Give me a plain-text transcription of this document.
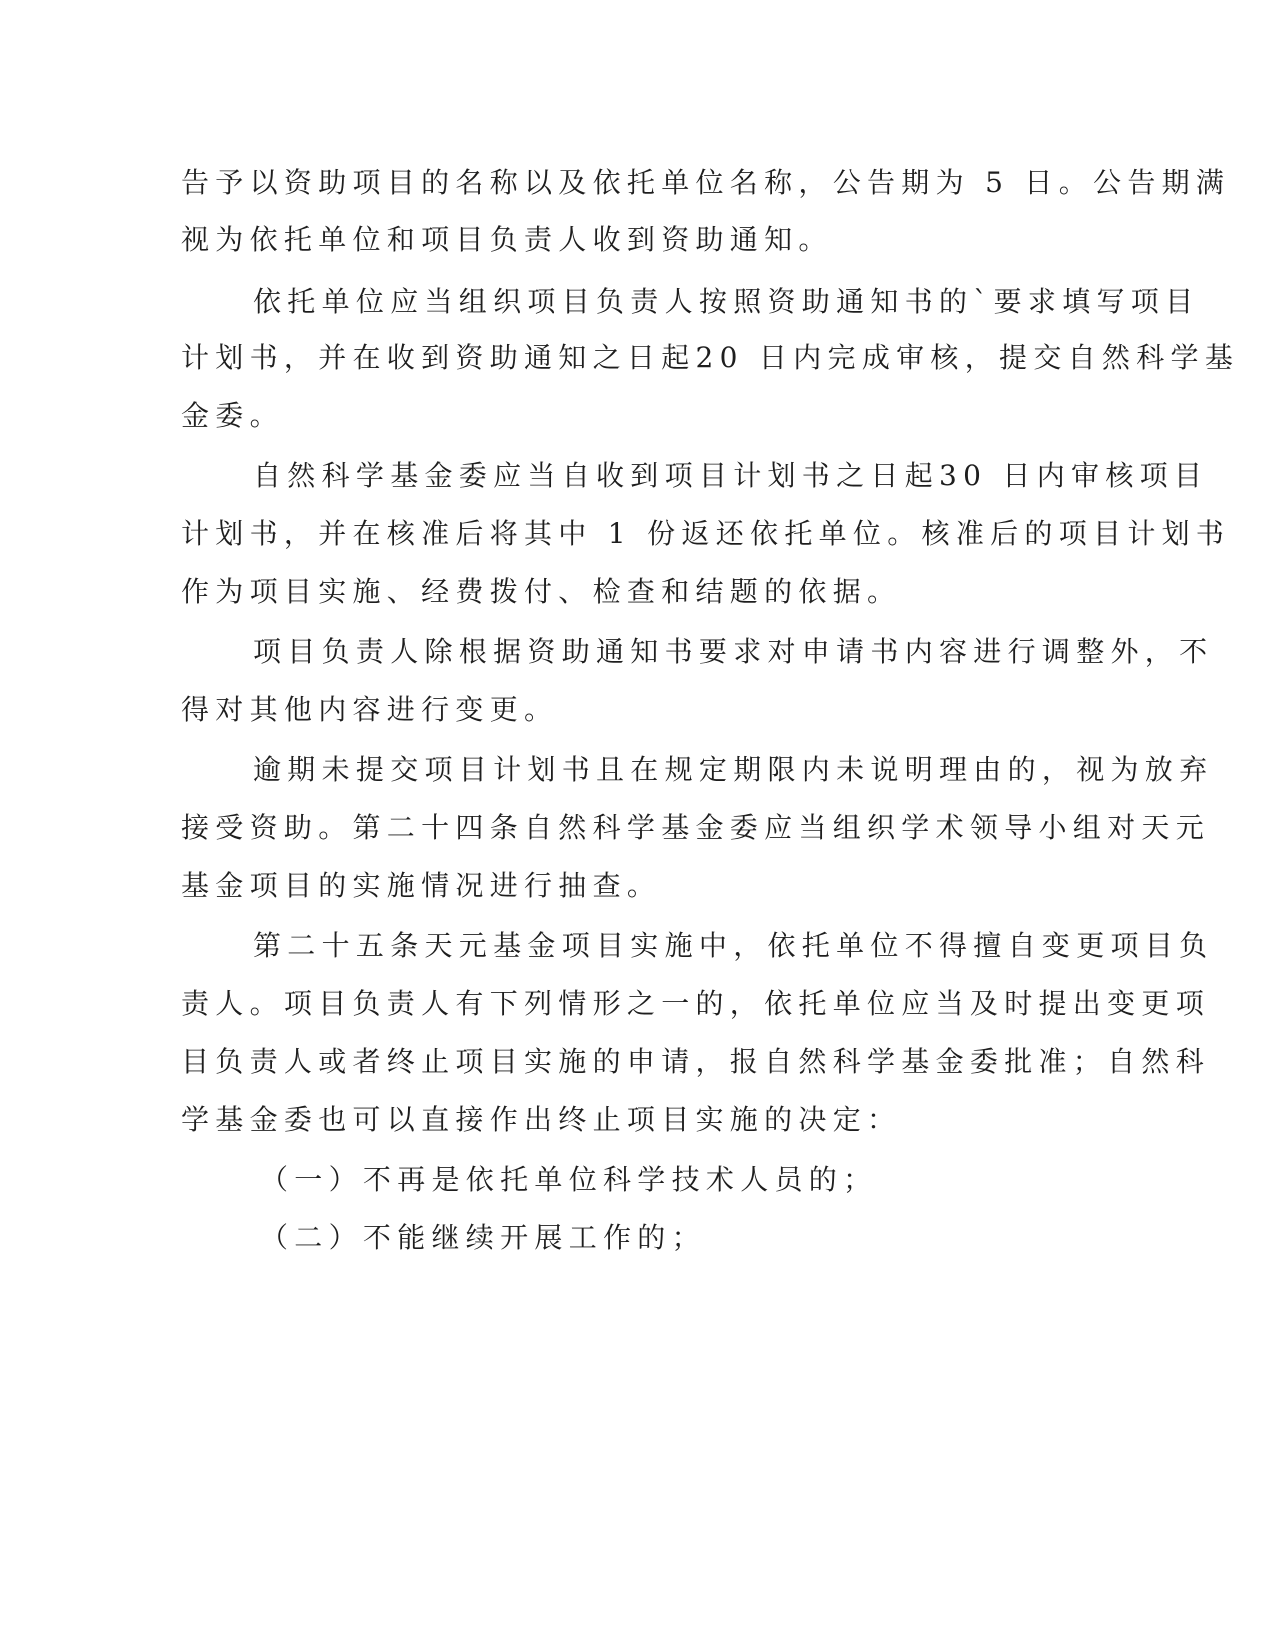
告予以资助项目的名称以及依托单位名称，公告期为 5 日。公告期满
视为依托单位和项目负责人收到资助通知。
依托单位应当组织项目负责人按照资助通知书的`要求填写项目
计划书，并在收到资助通知之日起20 日内完成审核，提交自然科学基
金委。
自然科学基金委应当自收到项目计划书之日起30 日内审核项目
计划书，并在核准后将其中 1 份返还依托单位。核准后的项目计划书
作为项目实施、经费拨付、检查和结题的依据。
项目负责人除根据资助通知书要求对申请书内容进行调整外，不
得对其他内容进行变更。
逾期未提交项目计划书且在规定期限内未说明理由的，视为放弃
接受资助。第二十四条自然科学基金委应当组织学术领导小组对天元
基金项目的实施情况进行抽查。
第二十五条天元基金项目实施中，依托单位不得擅自变更项目负
责人。项目负责人有下列情形之一的，依托单位应当及时提出变更项
目负责人或者终止项目实施的申请，报自然科学基金委批准；自然科
学基金委也可以直接作出终止项目实施的决定：
（一）不再是依托单位科学技术人员的；
（二）不能继续开展工作的；
